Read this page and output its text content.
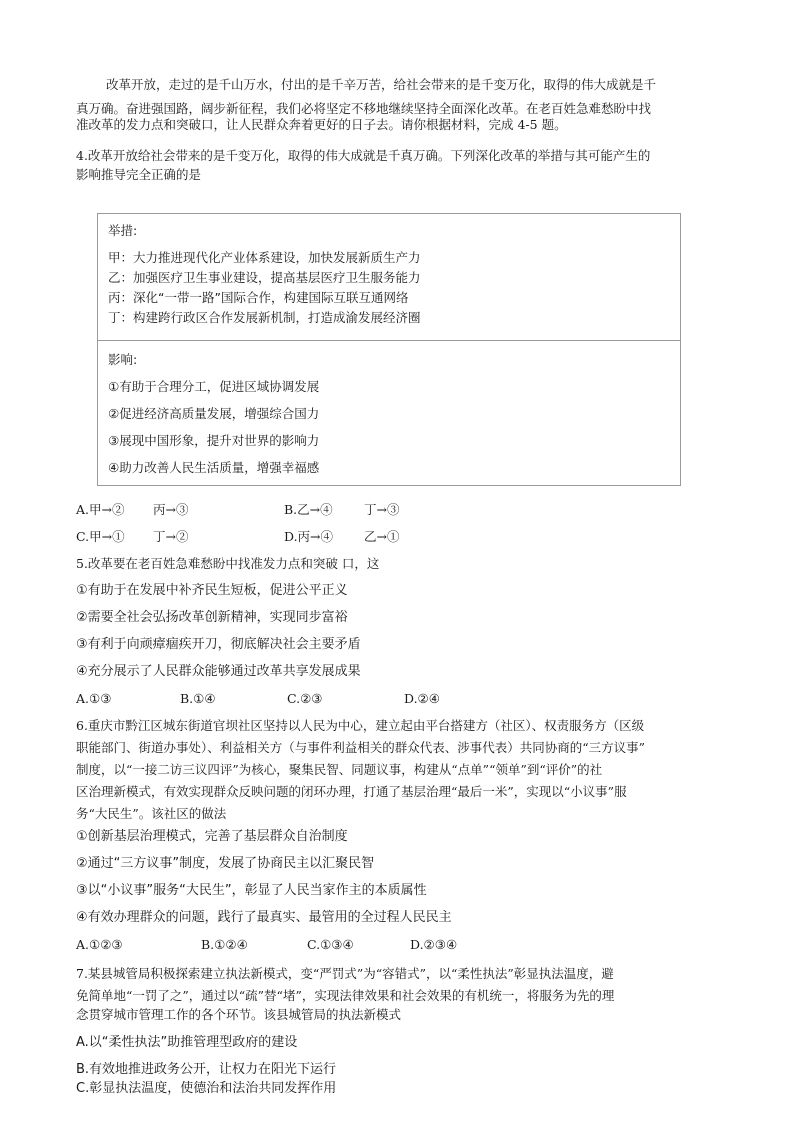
改革开放，走过的是千山万水，付出的是千辛万苦，给社会带来的是千变万化，取得的伟大成就是千
真万确。奋进强国路，阔步新征程，我们必将坚定不移地继续坚持全面深化改革。在老百姓急难愁盼中找
准改革的发力点和突破口，让人民群众奔着更好的日子去。请你根据材料，完成 4-5 题。
4.改革开放给社会带来的是千变万化，取得的伟大成就是千真万确。下列深化改革的举措与其可能产生的
影响推导完全正确的是
举措:
甲：大力推进现代化产业体系建设，加快发展新质生产力
乙：加强医疗卫生事业建设，提高基层医疗卫生服务能力
丙：深化“一带一路”国际合作，构建国际互联互通网络
丁：构建跨行政区合作发展新机制，打造成渝发展经济圈
影响:
①有助于合理分工，促进区域协调发展
②促进经济高质量发展，增强综合国力
③展现中国形象，提升对世界的影响力
④助力改善人民生活质量，增强幸福感
A.甲→② 丙→③	B.乙→④	丁→③
C.甲→① 丁→②	D.丙→④ 乙→①
5.改革要在老百姓急难愁盼中找准发力点和突破 口，这
①有助于在发展中补齐民生短板，促进公平正义
②需要全社会弘扬改革创新精神，实现同步富裕
③有利于向顽瘴痼疾开刀，彻底解决社会主要矛盾
④充分展示了人民群众能够通过改革共享发展成果
A.①③	B.①④	C.②③	D.②④
6.重庆市黔江区城东街道官坝社区坚持以人民为中心，建立起由平台搭建方（社区）、权责服务方（区级
职能部门、街道办事处）、利益相关方（与事件利益相关的群众代表、涉事代表）共同协商的“三方议事”
制度，以“一接二访三议四评”为核心，聚集民智、同题议事，构建从“点单”“领单”到“评价”的社
区治理新模式，有效实现群众反映问题的闭环办理，打通了基层治理“最后一米”，实现以“小议事”服
务“大民生”。该社区的做法
①创新基层治理模式，完善了基层群众自治制度
②通过“三方议事”制度，发展了协商民主以汇聚民智
③以“小议事”服务“大民生”，彰显了人民当家作主的本质属性
④有效办理群众的问题，践行了最真实、最管用的全过程人民民主
A.①②③	B.①②④	C.①③④	D.②③④
7.某县城管局积极探索建立执法新模式，变“严罚式”为“容错式”，以“柔性执法”彰显执法温度，避
免简单地“一罚了之”，通过以“疏”替“堵”，实现法律效果和社会效果的有机统一，将服务为先的理
念贯穿城市管理工作的各个环节。该县城管局的执法新模式
A.以“柔性执法”助推管理型政府的建设
B.有效地推进政务公开，让权力在阳光下运行
C.彰显执法温度，使德治和法治共同发挥作用
